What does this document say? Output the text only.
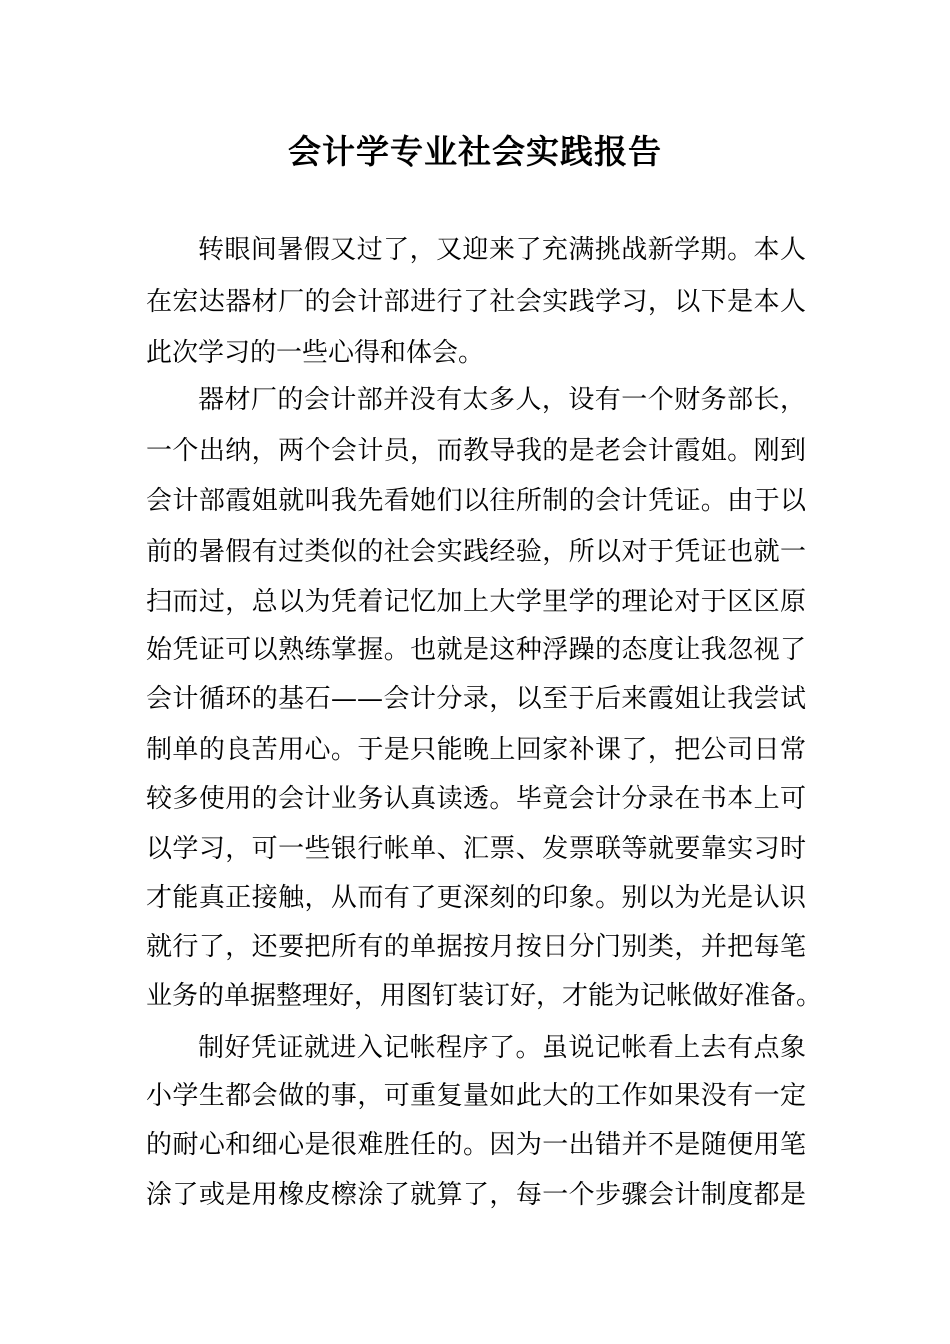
会计学专业社会实践报告
转眼间暑假又过了，又迎来了充满挑战新学期。本人
在宏达器材厂的会计部进行了社会实践学习，以下是本人
此次学习的一些心得和体会。
器材厂的会计部并没有太多人，设有一个财务部长，
一个出纳，两个会计员，而教导我的是老会计霞姐。刚到
会计部霞姐就叫我先看她们以往所制的会计凭证。由于以
前的暑假有过类似的社会实践经验，所以对于凭证也就一
扫而过，总以为凭着记忆加上大学里学的理论对于区区原
始凭证可以熟练掌握。也就是这种浮躁的态度让我忽视了
会计循环的基石——会计分录，以至于后来霞姐让我尝试
制单的良苦用心。于是只能晚上回家补课了，把公司日常
较多使用的会计业务认真读透。毕竟会计分录在书本上可
以学习，可一些银行帐单、汇票、发票联等就要靠实习时
才能真正接触，从而有了更深刻的印象。别以为光是认识
就行了，还要把所有的单据按月按日分门别类，并把每笔
业务的单据整理好，用图钉装订好，才能为记帐做好准备。
制好凭证就进入记帐程序了。虽说记帐看上去有点象
小学生都会做的事，可重复量如此大的工作如果没有一定
的耐心和细心是很难胜任的。因为一出错并不是随便用笔
涂了或是用橡皮檫涂了就算了，每一个步骤会计制度都是
